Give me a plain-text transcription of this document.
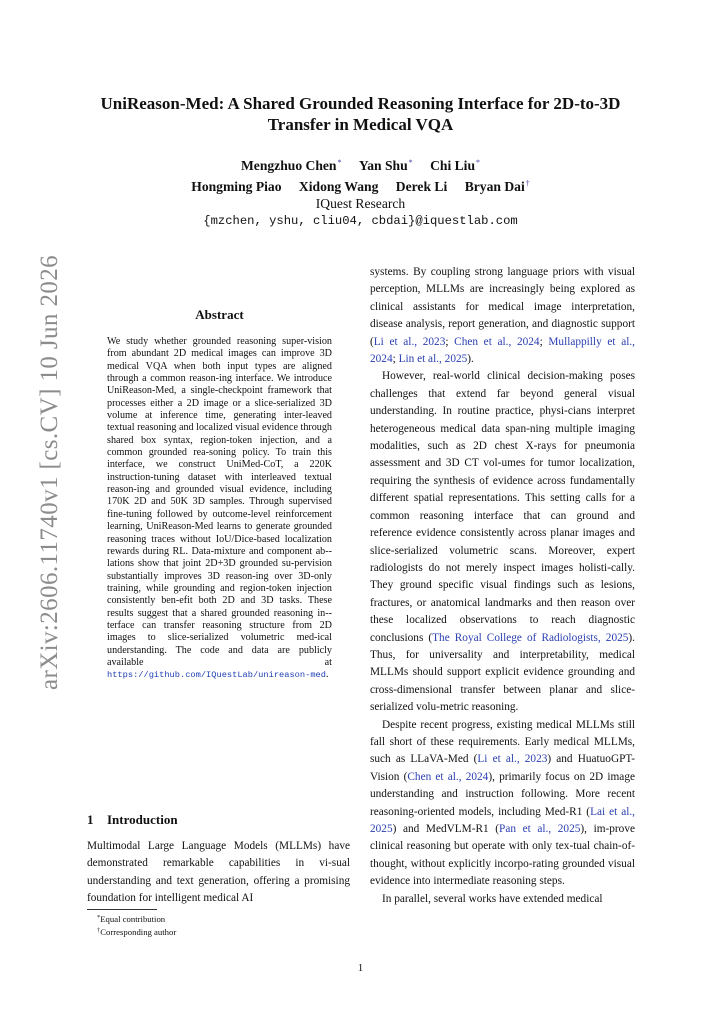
arXiv:2606.11740v1 [cs.CV] 10 Jun 2026
UniReason-Med: A Shared Grounded Reasoning Interface for 2D-to-3D
Transfer in Medical VQA
Mengzhuo Chen* Yan Shu* Chi Liu*
Hongming Piao Xidong Wang Derek Li Bryan Dai†
IQuest Research
{mzchen, yshu, cliu04, cbdai}@iquestlab.com
Abstract
We study whether grounded reasoning super-vision from abundant 2D medical images can improve 3D medical VQA when both input types are aligned through a common reason-ing interface. We introduce UniReason-Med, a single-checkpoint framework that processes either a 2D image or a slice-serialized 3D volume at inference time, generating inter-leaved textual reasoning and localized visual evidence through shared box syntax, region-token injection, and a common grounded rea-soning policy. To train this interface, we construct UniMed-CoT, a 220K instruction-tuning dataset with interleaved textual reason-ing and grounded visual evidence, including 170K 2D and 50K 3D samples. Through supervised fine-tuning followed by outcome-level reinforcement learning, UniReason-Med learns to generate grounded reasoning traces without IoU/Dice-based localization rewards during RL. Data-mixture and component ab-lations show that joint 2D+3D grounded su-pervision substantially improves 3D reason-ing over 3D-only training, while grounding and region-token injection consistently ben-efit both 2D and 3D tasks. These results suggest that a shared grounded reasoning in-terface can transfer reasoning structure from 2D images to slice-serialized volumetric med-ical understanding. The code and data are publicly available at https://github.com/IQuestLab/unireason-med.
1 Introduction
Multimodal Large Language Models (MLLMs) have demonstrated remarkable capabilities in vi-sual understanding and text generation, offering a promising foundation for intelligent medical AI
*Equal contribution
†Corresponding author

systems. By coupling strong language priors with visual perception, MLLMs are increasingly being explored as clinical assistants for medical image interpretation, disease analysis, report generation, and diagnostic support (Li et al., 2023; Chen et al., 2024; Mullappilly et al., 2024; Lin et al., 2025).

However, real-world clinical decision-making poses challenges that extend far beyond general visual understanding. In routine practice, physi-cians interpret heterogeneous medical data span-ning multiple imaging modalities, such as 2D chest X-rays for pneumonia assessment and 3D CT vol-umes for tumor localization, requiring the synthesis of evidence across fundamentally different spatial representations. This setting calls for a common reasoning interface that can ground and reference evidence consistently across planar images and slice-serialized volumetric scans. Moreover, expert radiologists do not merely inspect images holisti-cally. They ground specific visual findings such as lesions, fractures, or anatomical landmarks and then reason over these localized observations to reach diagnostic conclusions (The Royal College of Radiologists, 2025). Thus, for universality and interpretability, medical MLLMs should support explicit evidence grounding and cross-dimensional transfer between planar and slice-serialized volu-metric reasoning.

Despite recent progress, existing medical MLLMs still fall short of these requirements. Early medical MLLMs, such as LLaVA-Med (Li et al., 2023) and HuatuoGPT-Vision (Chen et al., 2024), primarily focus on 2D image understanding and instruction following. More recent reasoning-oriented models, including Med-R1 (Lai et al., 2025) and MedVLM-R1 (Pan et al., 2025), im-prove clinical reasoning but operate with only tex-tual chain-of-thought, without explicitly incorpo-rating grounded visual evidence into intermediate reasoning steps.

In parallel, several works have extended medical

1
